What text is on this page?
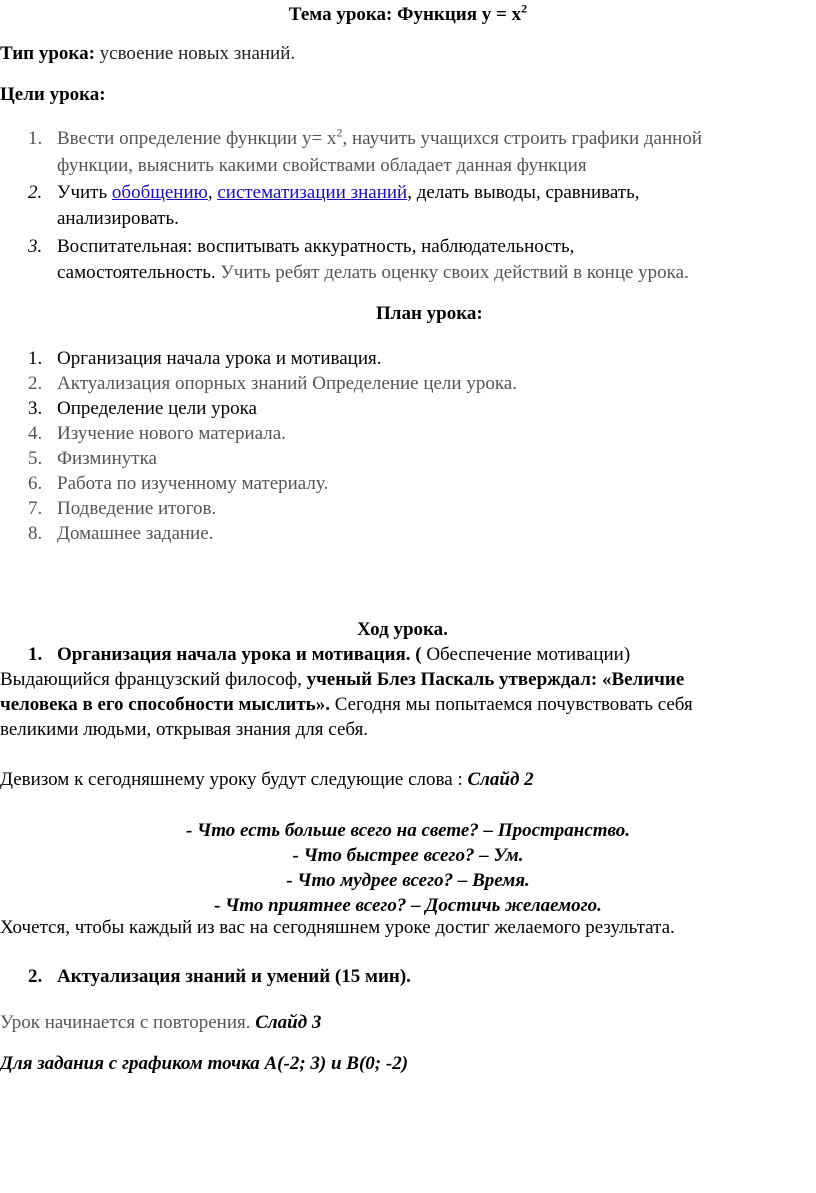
Тема урока: Функция $у = х^2$
Тип урока: усвоение новых знаний.
Цели урока:
1. Ввести определение функции $у= х^2$, научить учащихся строить графики данной
функции, выяснить какими свойствами обладает данная функция
2. Учить обобщению, систематизации знаний, делать выводы, сравнивать,
анализировать.
3. Воспитательная: воспитывать аккуратность, наблюдательность,
самостоятельность. Учить ребят делать оценку своих действий в конце урока.
План урока:
1. Организация начала урока и мотивация.
2. Актуализация опорных знаний Определение цели урока.
3. Определение цели урока
4. Изучение нового материала.
5. Физминутка
6. Работа по изученному материалу.
7. Подведение итогов.
8. Домашнее задание.
Ход урока.
1. Организация начала урока и мотивация. ( Обеспечение мотивации)
Выдающийся французский философ, ученый Блез Паскаль утверждал: «Величие
человека в его способности мыслить». Сегодня мы попытаемся почувствовать себя
великими людьми, открывая знания для себя.
Девизом к сегодняшнему уроку будут следующие слова : Слайд 2
- Что есть больше всего на свете? – Пространство.
- Что быстрее всего? – Ум.
- Что мудрее всего? – Время.
- Что приятнее всего? – Достичь желаемого.
Хочется, чтобы каждый из вас на сегодняшнем уроке достиг желаемого результата.
2. Актуализация знаний и умений (15 мин).
Урок начинается с повторения. Слайд 3
Для задания с графиком точка А(-2; 3) и В(0; -2)
